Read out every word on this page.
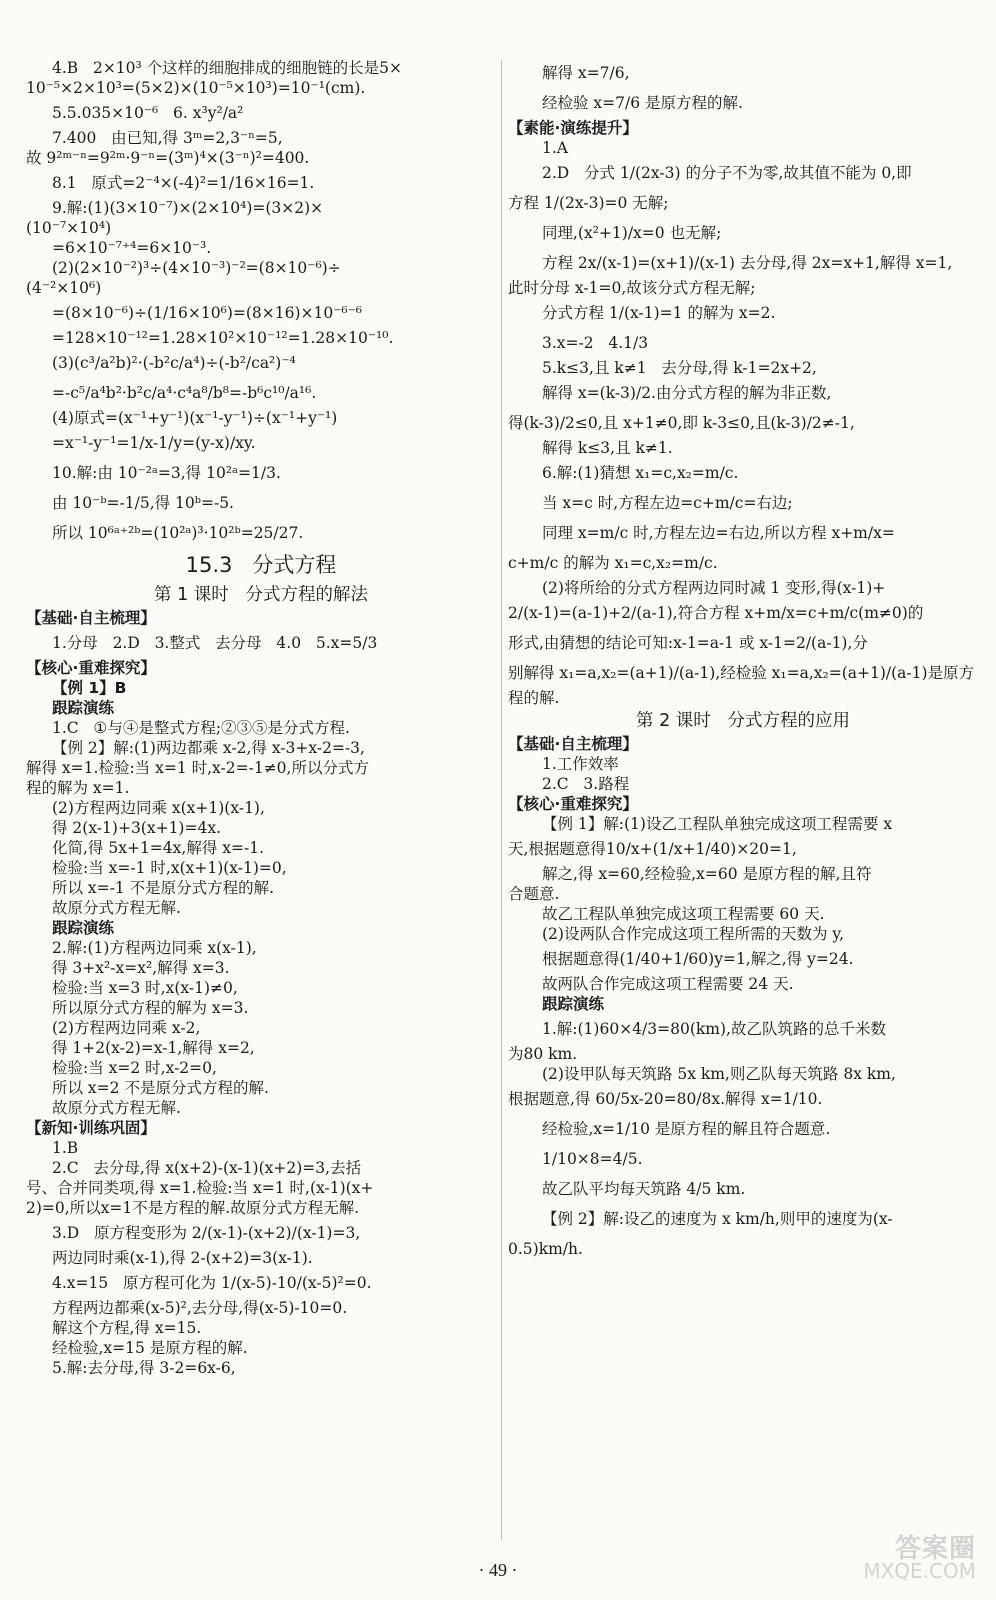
4.B   2×10³ 个这样的细胞排成的细胞链的长是5×
10⁻⁵×2×10³=(5×2)×(10⁻⁵×10³)=10⁻¹(cm).
5.5.035×10⁻⁶   6. x³y²/a²
7.400   由已知,得 3ᵐ=2,3⁻ⁿ=5,
故 9²ᵐ⁻ⁿ=9²ᵐ·9⁻ⁿ=(3ᵐ)⁴×(3⁻ⁿ)²=400.
8.1   原式=2⁻⁴×(-4)²=1/16×16=1.
9.解:(1)(3×10⁻⁷)×(2×10⁴)=(3×2)×
(10⁻⁷×10⁴)
=6×10⁻⁷⁺⁴=6×10⁻³.
(2)(2×10⁻²)³÷(4×10⁻³)⁻²=(8×10⁻⁶)÷
(4⁻²×10⁶)
=(8×10⁻⁶)÷(1/16×10⁶)=(8×16)×10⁻⁶⁻⁶
=128×10⁻¹²=1.28×10²×10⁻¹²=1.28×10⁻¹⁰.
(3)(c³/a²b)²·(-b²c/a⁴)÷(-b²/ca²)⁻⁴
=-c⁵/a⁴b²·b²c/a⁴·c⁴a⁸/b⁸=-b⁶c¹⁰/a¹⁶.
(4)原式=(x⁻¹+y⁻¹)(x⁻¹-y⁻¹)÷(x⁻¹+y⁻¹)
=x⁻¹-y⁻¹=1/x-1/y=(y-x)/xy.
10.解:由 10⁻²ᵃ=3,得 10²ᵃ=1/3.
由 10⁻ᵇ=-1/5,得 10ᵇ=-5.
所以 10⁶ᵃ⁺²ᵇ=(10²ᵃ)³·10²ᵇ=25/27.
15.3   分式方程
第 1 课时   分式方程的解法
【基础·自主梳理】
1.分母   2.D   3.整式   去分母   4.0   5.x=5/3
【核心·重难探究】
【例 1】B
跟踪演练
1.C   ①与④是整式方程;②③⑤是分式方程.
【例 2】解:(1)两边都乘 x-2,得 x-3+x-2=-3,
解得 x=1.检验:当 x=1 时,x-2=-1≠0,所以分式方
程的解为 x=1.
(2)方程两边同乘 x(x+1)(x-1),
得 2(x-1)+3(x+1)=4x.
化简,得 5x+1=4x,解得 x=-1.
检验:当 x=-1 时,x(x+1)(x-1)=0,
所以 x=-1 不是原分式方程的解.
故原分式方程无解.
跟踪演练
2.解:(1)方程两边同乘 x(x-1),
得 3+x²-x=x²,解得 x=3.
检验:当 x=3 时,x(x-1)≠0,
所以原分式方程的解为 x=3.
(2)方程两边同乘 x-2,
得 1+2(x-2)=x-1,解得 x=2,
检验:当 x=2 时,x-2=0,
所以 x=2 不是原分式方程的解.
故原分式方程无解.
【新知·训练巩固】
1.B
2.C   去分母,得 x(x+2)-(x-1)(x+2)=3,去括
号、合并同类项,得 x=1.检验:当 x=1 时,(x-1)(x+
2)=0,所以x=1不是方程的解.故原分式方程无解.
3.D   原方程变形为 2/(x-1)-(x+2)/(x-1)=3,
两边同时乘(x-1),得 2-(x+2)=3(x-1).
4.x=15   原方程可化为 1/(x-5)-10/(x-5)²=0.
方程两边都乘(x-5)²,去分母,得(x-5)-10=0.
解这个方程,得 x=15.
经检验,x=15 是原方程的解.
5.解:去分母,得 3-2=6x-6,
解得 x=7/6,
经检验 x=7/6 是原方程的解.
【素能·演练提升】
1.A
2.D   分式 1/(2x-3) 的分子不为零,故其值不能为 0,即
方程 1/(2x-3)=0 无解;
同理,(x²+1)/x=0 也无解;
方程 2x/(x-1)=(x+1)/(x-1) 去分母,得 2x=x+1,解得 x=1,
此时分母 x-1=0,故该分式方程无解;
分式方程 1/(x-1)=1 的解为 x=2.
3.x=-2   4.1/3
5.k≤3,且 k≠1   去分母,得 k-1=2x+2,
解得 x=(k-3)/2.由分式方程的解为非正数,
得(k-3)/2≤0,且 x+1≠0,即 k-3≤0,且(k-3)/2≠-1,
解得 k≤3,且 k≠1.
6.解:(1)猜想 x₁=c,x₂=m/c.
当 x=c 时,方程左边=c+m/c=右边;
同理 x=m/c 时,方程左边=右边,所以方程 x+m/x=
c+m/c 的解为 x₁=c,x₂=m/c.
(2)将所给的分式方程两边同时减 1 变形,得(x-1)+
2/(x-1)=(a-1)+2/(a-1),符合方程 x+m/x=c+m/c(m≠0)的
形式,由猜想的结论可知:x-1=a-1 或 x-1=2/(a-1),分
别解得 x₁=a,x₂=(a+1)/(a-1),经检验 x₁=a,x₂=(a+1)/(a-1)是原方
程的解.
第 2 课时   分式方程的应用
【基础·自主梳理】
1.工作效率
2.C   3.路程
【核心·重难探究】
【例 1】解:(1)设乙工程队单独完成这项工程需要 x
天,根据题意得10/x+(1/x+1/40)×20=1,
解之,得 x=60,经检验,x=60 是原方程的解,且符
合题意.
故乙工程队单独完成这项工程需要 60 天.
(2)设两队合作完成这项工程所需的天数为 y,
根据题意得(1/40+1/60)y=1,解之,得 y=24.
故两队合作完成这项工程需要 24 天.
跟踪演练
1.解:(1)60×4/3=80(km),故乙队筑路的总千米数
为80 km.
(2)设甲队每天筑路 5x km,则乙队每天筑路 8x km,
根据题意,得 60/5x-20=80/8x.解得 x=1/10.
经检验,x=1/10 是原方程的解且符合题意.
1/10×8=4/5.
故乙队平均每天筑路 4/5 km.
【例 2】解:设乙的速度为 x km/h,则甲的速度为(x-
0.5)km/h.
· 49 ·
答案圈
MXQE.COM
